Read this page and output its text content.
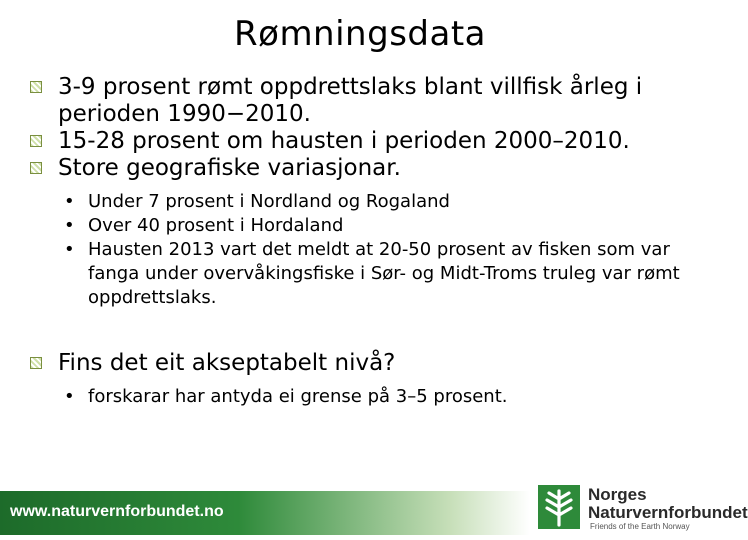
Rømningsdata
3-9 prosent rømt oppdrettslaks blant villfisk årleg i perioden 1990−2010.
15-28 prosent om hausten i perioden 2000–2010.
Store geografiske variasjonar.
• Under 7 prosent i Nordland og Rogaland
• Over 40 prosent i Hordaland
• Hausten 2013 vart det meldt at 20-50 prosent av fisken som var fanga under overvåkingsfiske i Sør- og Midt-Troms truleg var rømt oppdrettslaks.
Fins det eit akseptabelt nivå?
• forskarar har antyda ei grense på 3–5 prosent.
www.naturvernforbundet.no
Norges
Naturvernforbundet
Friends of the Earth Norway
